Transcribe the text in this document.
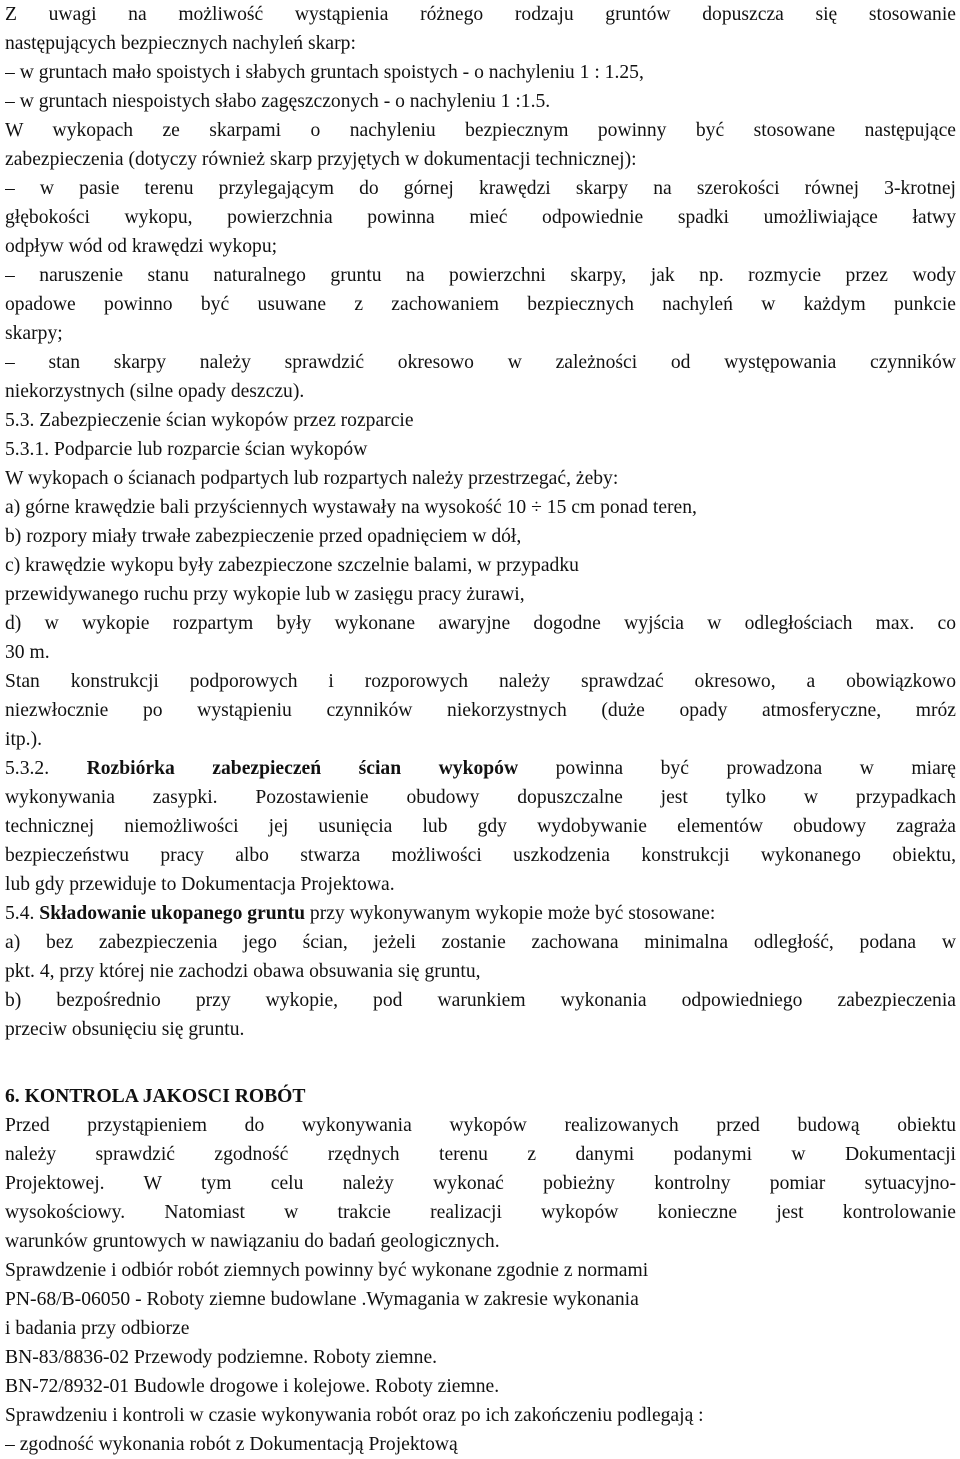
Z uwagi na możliwość wystąpienia różnego rodzaju gruntów dopuszcza się stosowanie
następujących bezpiecznych nachyleń skarp:
– w gruntach mało spoistych i słabych gruntach spoistych - o nachyleniu 1 : 1.25,
– w gruntach niespoistych słabo zagęszczonych - o nachyleniu 1 :1.5.
W wykopach ze skarpami o nachyleniu bezpiecznym powinny być stosowane następujące
zabezpieczenia (dotyczy również skarp przyjętych w dokumentacji technicznej):
– w pasie terenu przylegającym do górnej krawędzi skarpy na szerokości równej 3-krotnej
głębokości wykopu, powierzchnia powinna mieć odpowiednie spadki umożliwiające łatwy
odpływ wód od krawędzi wykopu;
– naruszenie stanu naturalnego gruntu na powierzchni skarpy, jak np. rozmycie przez wody
opadowe powinno być usuwane z zachowaniem bezpiecznych nachyleń w każdym punkcie
skarpy;
– stan skarpy należy sprawdzić okresowo w zależności od występowania czynników
niekorzystnych (silne opady deszczu).
5.3. Zabezpieczenie ścian wykopów przez rozparcie
5.3.1. Podparcie lub rozparcie ścian wykopów
W wykopach o ścianach podpartych lub rozpartych należy przestrzegać, żeby:
a) górne krawędzie bali przyściennych wystawały na wysokość 10 ÷ 15 cm ponad teren,
b) rozpory miały trwałe zabezpieczenie przed opadnięciem w dół,
c) krawędzie wykopu były zabezpieczone szczelnie balami, w przypadku
przewidywanego ruchu przy wykopie lub w zasięgu pracy żurawi,
d) w wykopie rozpartym były wykonane awaryjne dogodne wyjścia w odległościach max. co
30 m.
Stan konstrukcji podporowych i rozporowych należy sprawdzać okresowo, a obowiązkowo
niezwłocznie po wystąpieniu czynników niekorzystnych (duże opady atmosferyczne, mróz
itp.).
5.3.2. Rozbiórka zabezpieczeń ścian wykopów powinna być prowadzona w miarę
wykonywania zasypki. Pozostawienie obudowy dopuszczalne jest tylko w przypadkach
technicznej niemożliwości jej usunięcia lub gdy wydobywanie elementów obudowy zagraża
bezpieczeństwu pracy albo stwarza możliwości uszkodzenia konstrukcji wykonanego obiektu,
lub gdy przewiduje to Dokumentacja Projektowa.
5.4. Składowanie ukopanego gruntu przy wykonywanym wykopie może być stosowane:
a) bez zabezpieczenia jego ścian, jeżeli zostanie zachowana minimalna odległość, podana w
pkt. 4, przy której nie zachodzi obawa obsuwania się gruntu,
b) bezpośrednio przy wykopie, pod warunkiem wykonania odpowiedniego zabezpieczenia
przeciw obsunięciu się gruntu.
6. KONTROLA JAKOSCI ROBÓT
Przed przystąpieniem do wykonywania wykopów realizowanych przed budową obiektu
należy sprawdzić zgodność rzędnych terenu z danymi podanymi w Dokumentacji
Projektowej. W tym celu należy wykonać pobieżny kontrolny pomiar sytuacyjno-
wysokościowy. Natomiast w trakcie realizacji wykopów konieczne jest kontrolowanie
warunków gruntowych w nawiązaniu do badań geologicznych.
Sprawdzenie i odbiór robót ziemnych powinny być wykonane zgodnie z normami
PN-68/B-06050 - Roboty ziemne budowlane .Wymagania w zakresie wykonania
i badania przy odbiorze
BN-83/8836-02 Przewody podziemne. Roboty ziemne.
BN-72/8932-01 Budowle drogowe i kolejowe. Roboty ziemne.
Sprawdzeniu i kontroli w czasie wykonywania robót oraz po ich zakończeniu podlegają :
– zgodność wykonania robót z Dokumentacją Projektową
